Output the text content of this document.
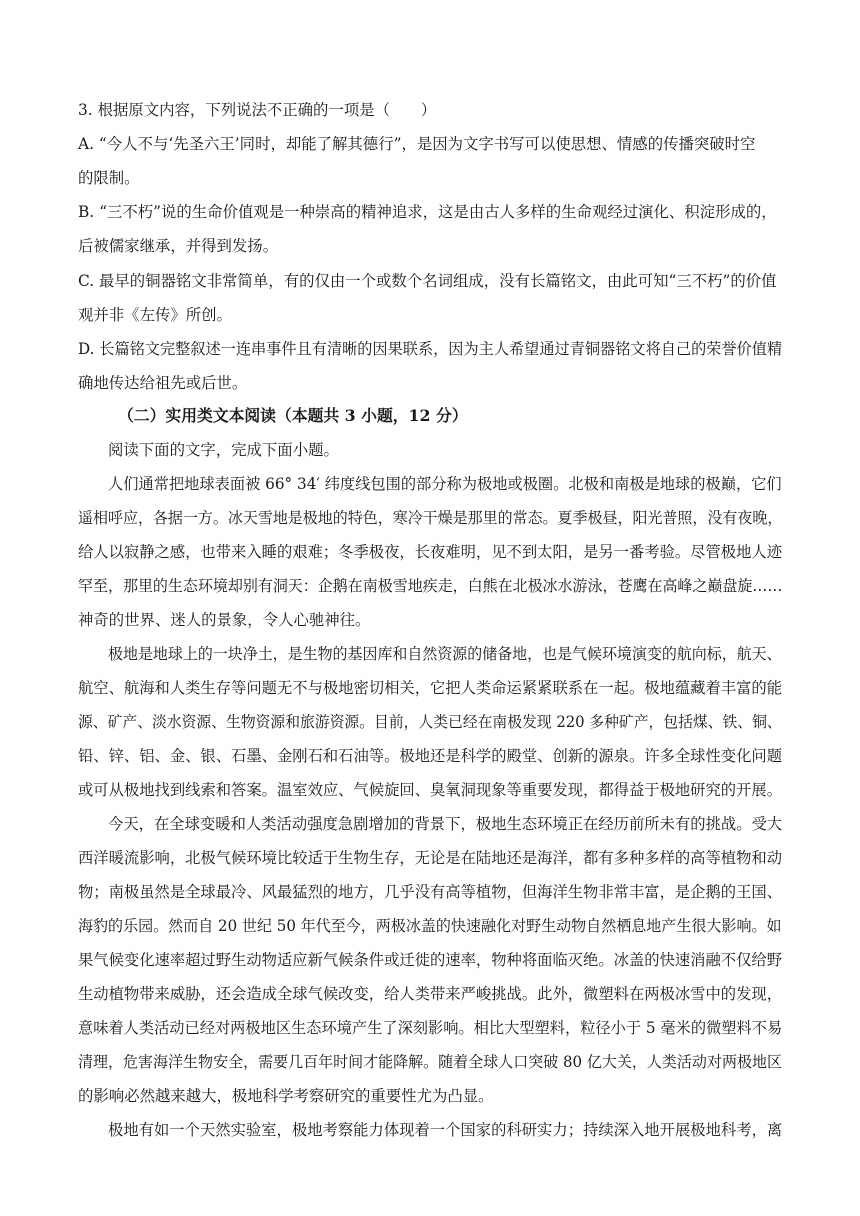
3. 根据原文内容，下列说法不正确的一项是（　　）
A. “今人不与‘先圣六王’同时，却能了解其德行”，是因为文字书写可以使思想、情感的传播突破时空
的限制。
B. “三不朽”说的生命价值观是一种崇高的精神追求，这是由古人多样的生命观经过演化、积淀形成的，
后被儒家继承，并得到发扬。
C. 最早的铜器铭文非常简单，有的仅由一个或数个名词组成，没有长篇铭文，由此可知“三不朽”的价值
观并非《左传》所创。
D. 长篇铭文完整叙述一连串事件且有清晰的因果联系，因为主人希望通过青铜器铭文将自己的荣誉价值精
确地传达给祖先或后世。
（二）实用类文本阅读（本题共 3 小题，12 分）
阅读下面的文字，完成下面小题。
人们通常把地球表面被 66° 34′ 纬度线包围的部分称为极地或极圈。北极和南极是地球的极巅，它们
遥相呼应，各据一方。冰天雪地是极地的特色，寒冷干燥是那里的常态。夏季极昼，阳光普照，没有夜晚，
给人以寂静之感，也带来入睡的艰难；冬季极夜，长夜难明，见不到太阳，是另一番考验。尽管极地人迹
罕至，那里的生态环境却别有洞天：企鹅在南极雪地疾走，白熊在北极冰水游泳，苍鹰在高峰之巅盘旋……
神奇的世界、迷人的景象，令人心驰神往。
极地是地球上的一块净土，是生物的基因库和自然资源的储备地，也是气候环境演变的航向标，航天、
航空、航海和人类生存等问题无不与极地密切相关，它把人类命运紧紧联系在一起。极地蕴藏着丰富的能
源、矿产、淡水资源、生物资源和旅游资源。目前，人类已经在南极发现 220 多种矿产，包括煤、铁、铜、
铅、锌、铝、金、银、石墨、金刚石和石油等。极地还是科学的殿堂、创新的源泉。许多全球性变化问题
或可从极地找到线索和答案。温室效应、气候旋回、臭氧洞现象等重要发现，都得益于极地研究的开展。
今天，在全球变暖和人类活动强度急剧增加的背景下，极地生态环境正在经历前所未有的挑战。受大
西洋暖流影响，北极气候环境比较适于生物生存，无论是在陆地还是海洋，都有多种多样的高等植物和动
物；南极虽然是全球最冷、风最猛烈的地方，几乎没有高等植物，但海洋生物非常丰富，是企鹅的王国、
海豹的乐园。然而自 20 世纪 50 年代至今，两极冰盖的快速融化对野生动物自然栖息地产生很大影响。如
果气候变化速率超过野生动物适应新气候条件或迁徙的速率，物种将面临灭绝。冰盖的快速消融不仅给野
生动植物带来威胁，还会造成全球气候改变，给人类带来严峻挑战。此外，微塑料在两极冰雪中的发现，
意味着人类活动已经对两极地区生态环境产生了深刻影响。相比大型塑料，粒径小于 5 毫米的微塑料不易
清理，危害海洋生物安全，需要几百年时间才能降解。随着全球人口突破 80 亿大关，人类活动对两极地区
的影响必然越来越大，极地科学考察研究的重要性尤为凸显。
极地有如一个天然实验室，极地考察能力体现着一个国家的科研实力；持续深入地开展极地科考，离
